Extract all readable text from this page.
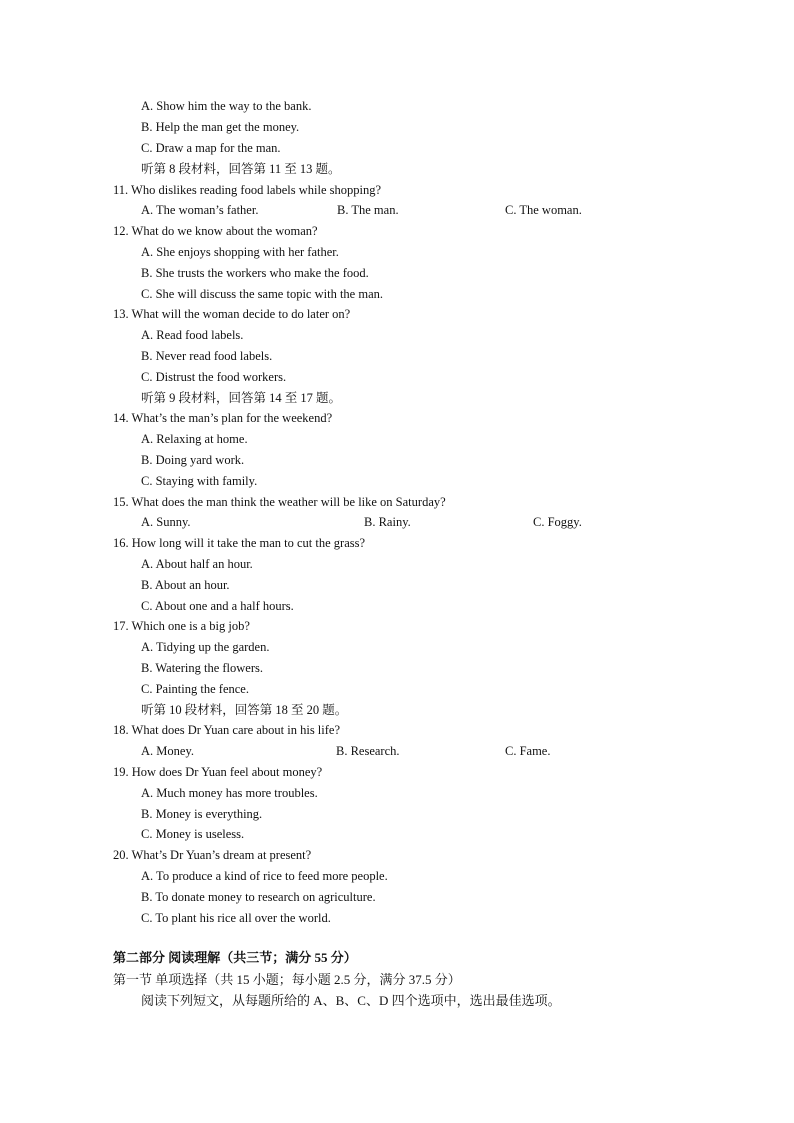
A. Show him the way to the bank.
B. Help the man get the money.
C. Draw a map for the man.
听第 8 段材料，回答第 11 至 13 题。
11. Who dislikes reading food labels while shopping?
A. The woman’s father.	B. The man.	C. The woman.
12. What do we know about the woman?
A. She enjoys shopping with her father.
B. She trusts the workers who make the food.
C. She will discuss the same topic with the man.
13. What will the woman decide to do later on?
A. Read food labels.
B. Never read food labels.
C. Distrust the food workers.
听第 9 段材料，回答第 14 至 17 题。
14. What’s the man’s plan for the weekend?
A. Relaxing at home.
B. Doing yard work.
C. Staying with family.
15. What does the man think the weather will be like on Saturday?
A. Sunny.	B. Rainy.	C. Foggy.
16. How long will it take the man to cut the grass?
A. About half an hour.
B. About an hour.
C. About one and a half hours.
17. Which one is a big job?
A. Tidying up the garden.
B. Watering the flowers.
C. Painting the fence.
听第 10 段材料，回答第 18 至 20 题。
18. What does Dr Yuan care about in his life?
A. Money.	B. Research.	C. Fame.
19. How does Dr Yuan feel about money?
A. Much money has more troubles.
B. Money is everything.
C. Money is useless.
20. What’s Dr Yuan’s dream at present?
A. To produce a kind of rice to feed more people.
B. To donate money to research on agriculture.
C. To plant his rice all over the world.
第二部分 阅读理解（共三节；满分 55 分）
第一节 单项选择（共 15 小题；每小题 2.5 分，满分 37.5 分）
阅读下列短文，从每题所给的 A、B、C、D 四个选项中，选出最佳选项。
